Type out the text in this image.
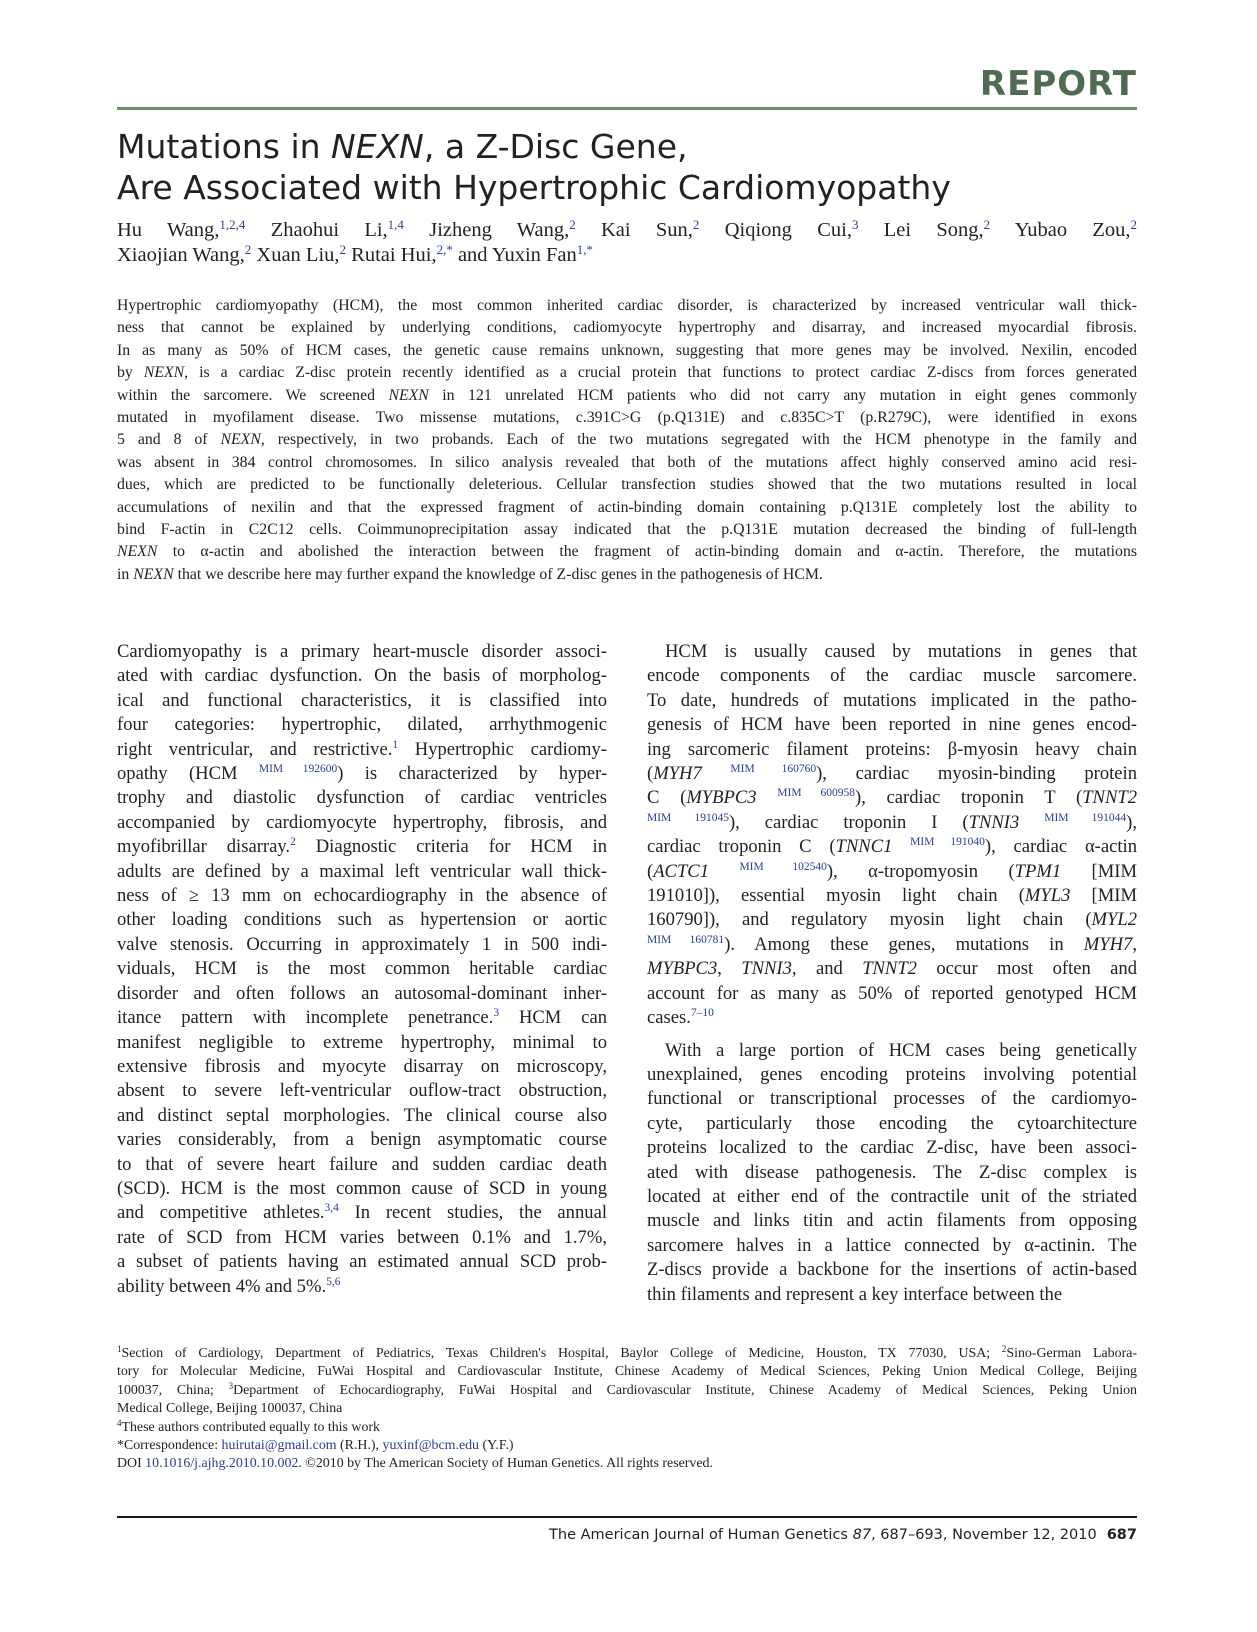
REPORT
Mutations in NEXN, a Z-Disc Gene,
Are Associated with Hypertrophic Cardiomyopathy
Hu Wang,$^{1,2,4}$ Zhaohui Li,$^{1,4}$ Jizheng Wang,$^2$ Kai Sun,$^2$ Qiqiong Cui,$^3$ Lei Song,$^2$ Yubao Zou,$^2$
Xiaojian Wang,$^2$ Xuan Liu,$^2$ Rutai Hui,$^{2,*}$ and Yuxin Fan$^{1,*}$
Hypertrophic cardiomyopathy (HCM), the most common inherited cardiac disorder, is characterized by increased ventricular wall thick-
ness that cannot be explained by underlying conditions, cadiomyocyte hypertrophy and disarray, and increased myocardial fibrosis.
In as many as 50% of HCM cases, the genetic cause remains unknown, suggesting that more genes may be involved. Nexilin, encoded
by NEXN, is a cardiac Z-disc protein recently identified as a crucial protein that functions to protect cardiac Z-discs from forces generated
within the sarcomere. We screened NEXN in 121 unrelated HCM patients who did not carry any mutation in eight genes commonly
mutated in myofilament disease. Two missense mutations, c.391C>G (p.Q131E) and c.835C>T (p.R279C), were identified in exons
5 and 8 of NEXN, respectively, in two probands. Each of the two mutations segregated with the HCM phenotype in the family and
was absent in 384 control chromosomes. In silico analysis revealed that both of the mutations affect highly conserved amino acid resi-
dues, which are predicted to be functionally deleterious. Cellular transfection studies showed that the two mutations resulted in local
accumulations of nexilin and that the expressed fragment of actin-binding domain containing p.Q131E completely lost the ability to
bind F-actin in C2C12 cells. Coimmunoprecipitation assay indicated that the p.Q131E mutation decreased the binding of full-length
NEXN to α-actin and abolished the interaction between the fragment of actin-binding domain and α-actin. Therefore, the mutations
in NEXN that we describe here may further expand the knowledge of Z-disc genes in the pathogenesis of HCM.
Cardiomyopathy is a primary heart-muscle disorder associ-
ated with cardiac dysfunction. On the basis of morpholog-
ical and functional characteristics, it is classified into
four categories: hypertrophic, dilated, arrhythmogenic
right ventricular, and restrictive.$^1$ Hypertrophic cardiomy-
opathy (HCM $^{MIM 192600}$) is characterized by hyper-
trophy and diastolic dysfunction of cardiac ventricles
accompanied by cardiomyocyte hypertrophy, fibrosis, and
myofibrillar disarray.$^2$ Diagnostic criteria for HCM in
adults are defined by a maximal left ventricular wall thick-
ness of ≥ 13 mm on echocardiography in the absence of
other loading conditions such as hypertension or aortic
valve stenosis. Occurring in approximately 1 in 500 indi-
viduals, HCM is the most common heritable cardiac
disorder and often follows an autosomal-dominant inher-
itance pattern with incomplete penetrance.$^3$ HCM can
manifest negligible to extreme hypertrophy, minimal to
extensive fibrosis and myocyte disarray on microscopy,
absent to severe left-ventricular ouflow-tract obstruction,
and distinct septal morphologies. The clinical course also
varies considerably, from a benign asymptomatic course
to that of severe heart failure and sudden cardiac death
(SCD). HCM is the most common cause of SCD in young
and competitive athletes.$^{3,4}$ In recent studies, the annual
rate of SCD from HCM varies between 0.1% and 1.7%,
a subset of patients having an estimated annual SCD prob-
ability between 4% and 5%.$^{5,6}$
HCM is usually caused by mutations in genes that
encode components of the cardiac muscle sarcomere.
To date, hundreds of mutations implicated in the patho-
genesis of HCM have been reported in nine genes encod-
ing sarcomeric filament proteins: β-myosin heavy chain
(MYH7 $^{MIM 160760}$), cardiac myosin-binding protein
C (MYBPC3 $^{MIM 600958}$), cardiac troponin T (TNNT2
$^{MIM 191045}$), cardiac troponin I (TNNI3 $^{MIM 191044}$),
cardiac troponin C (TNNC1 $^{MIM 191040}$), cardiac α-actin
(ACTC1	$^{MIM 102540}$), α-tropomyosin (TPM1 [MIM
191010]), essential myosin light chain (MYL3 [MIM
160790]), and regulatory myosin light chain (MYL2
$^{MIM 160781}$). Among these genes, mutations in MYH7,
MYBPC3, TNNI3, and TNNT2 occur most often and
account for as many as 50% of reported genotyped HCM
cases.$^{7-10}$
With a large portion of HCM cases being genetically
unexplained, genes encoding proteins involving potential
functional or transcriptional processes of the cardiomyo-
cyte, particularly those encoding the cytoarchitecture
proteins localized to the cardiac Z-disc, have been associ-
ated with disease pathogenesis. The Z-disc complex is
located at either end of the contractile unit of the striated
muscle and links titin and actin filaments from opposing
sarcomere halves in a lattice connected by α-actinin. The
Z-discs provide a backbone for the insertions of actin-based
thin filaments and represent a key interface between the
$^1$Section of Cardiology, Department of Pediatrics, Texas Children's Hospital, Baylor College of Medicine, Houston, TX 77030, USA; $^2$Sino-German Labora-
tory for Molecular Medicine, FuWai Hospital and Cardiovascular Institute, Chinese Academy of Medical Sciences, Peking Union Medical College, Beijing
100037, China; $^3$Department of Echocardiography, FuWai Hospital and Cardiovascular Institute, Chinese Academy of Medical Sciences, Peking Union
Medical College, Beijing 100037, China
$^4$These authors contributed equally to this work
*Correspondence: huirutai@gmail.com (R.H.), yuxinf@bcm.edu (Y.F.)
DOI 10.1016/j.ajhg.2010.10.002. ©2010 by The American Society of Human Genetics. All rights reserved.
The American Journal of Human Genetics 87, 687–693, November 12, 2010 687
